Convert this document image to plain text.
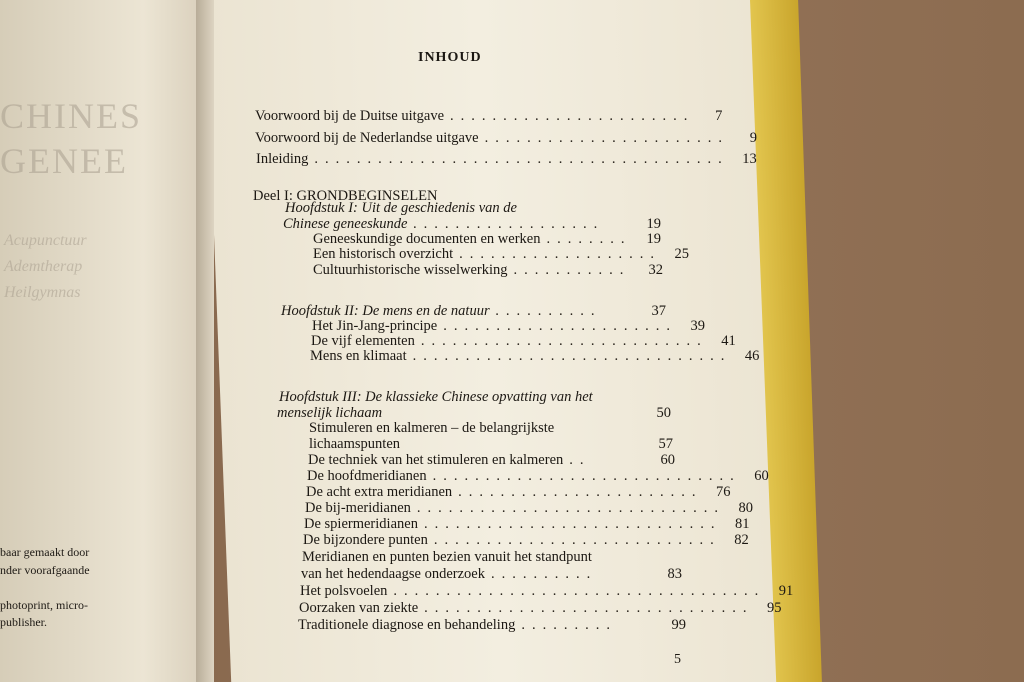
CHINES
GENEE
Acupunctuur
Ademtherap
Heilgymnas
baar gemaakt door
nder voorafgaande
photoprint, micro-
publisher.
INHOUD
Voorwoord bij de Duitse uitgave .......................	7
Voorwoord bij de Nederlandse uitgave .......................	9
Inleiding ....................................... 13
Deel I: GRONDBEGINSELEN
Hoofdstuk I: Uit de geschiedenis van de
Chinese geneeskunde ..................	19
Geneeskundige documenten en werken ........	19
Een historisch overzicht ................... 25
Cultuurhistorische wisselwerking ...........	32
Hoofdstuk II: De mens en de natuur ..........	37
Het Jin-Jang-principe ...................... 39
De vijf elementen ........................... 41
Mens en klimaat .............................. 46
Hoofdstuk III: De klassieke Chinese opvatting van het
menselijk lichaam	50
Stimuleren en kalmeren – de belangrijkste
lichaamspunten	57
De techniek van het stimuleren en kalmeren ..	60
De hoofdmeridianen ............................. 60
De acht extra meridianen ....................... 76
De bij-meridianen ............................. 80
De spiermeridianen ............................ 81
De bijzondere punten ........................... 82
Meridianen en punten bezien vanuit het standpunt
van het hedendaagse onderzoek ..........	83
Het polsvoelen ................................... 91
Oorzaken van ziekte ............................... 95
Traditionele diagnose en behandeling .........	99
5
